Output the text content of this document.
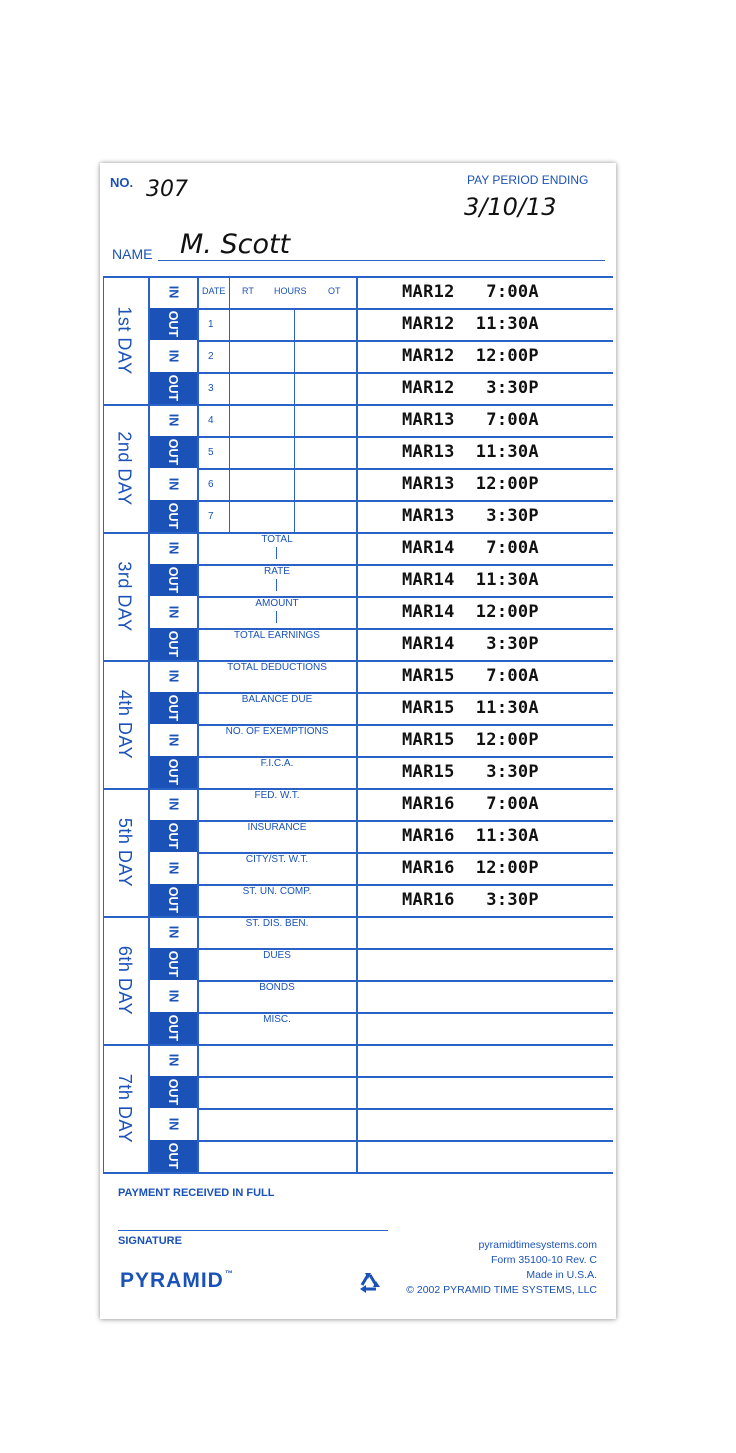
NO. 307	PAY PERIOD ENDING
3/10/13
NAME M. Scott
DATE RT HOURS OT
PAYMENT RECEIVED IN FULL
SIGNATURE	pyramidtimesystems.com
Form 35100-10 Rev. C
Made in U.S.A.
© 2002 PYRAMID TIME SYSTEMS, LLC
PYRAMID ™
IN
OUT
IN
OUT
IN
OUT
IN
OUT
IN
OUT
IN
OUT
IN
OUT
IN
OUT
IN
OUT
IN
OUT
IN
OUT
IN
OUT
IN
OUT
IN
OUT
1st DAY
2nd DAY
3rd DAY
4th DAY
5th DAY
6th DAY
7th DAY
1
2
3
4
5
6
7
TOTAL
RATE
AMOUNT
TOTAL EARNINGS
TOTAL DEDUCTIONS
BALANCE DUE
NO. OF EXEMPTIONS
F.I.C.A.
FED. W.T.
INSURANCE
CITY/ST. W.T.
ST. UN. COMP.
ST. DIS. BEN.
DUES
BONDS
MISC.
MAR12   7:00A
MAR12  11:30A
MAR12  12:00P
MAR12   3:30P
MAR13   7:00A
MAR13  11:30A
MAR13  12:00P
MAR13   3:30P
MAR14   7:00A
MAR14  11:30A
MAR14  12:00P
MAR14   3:30P
MAR15   7:00A
MAR15  11:30A
MAR15  12:00P
MAR15   3:30P
MAR16   7:00A
MAR16  11:30A
MAR16  12:00P
MAR16   3:30P
